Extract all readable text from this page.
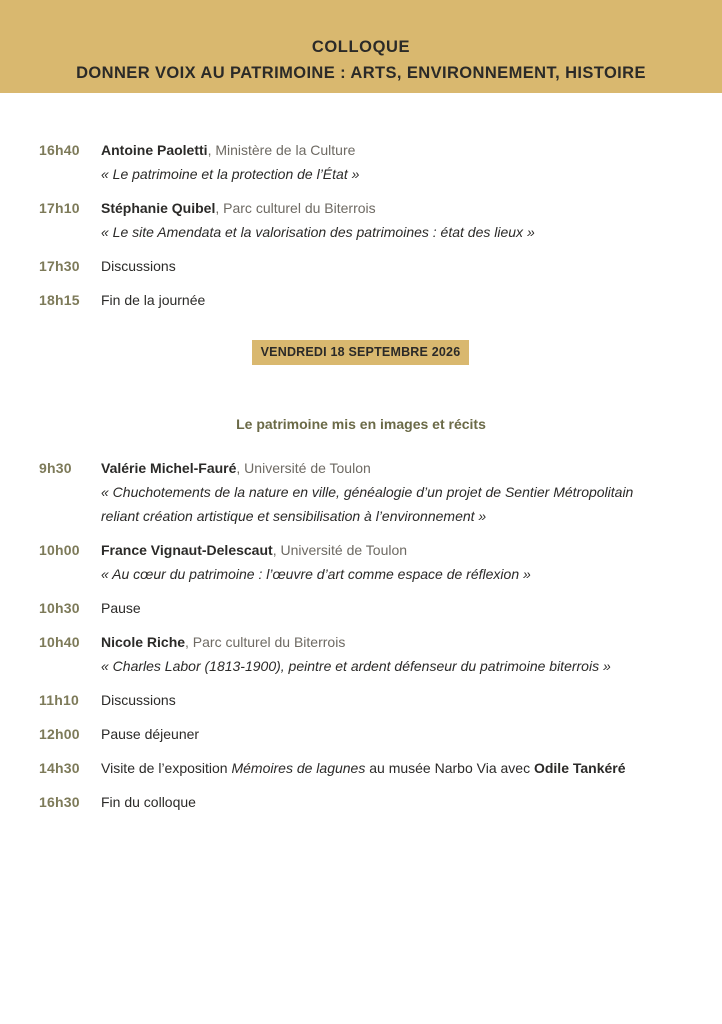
COLLOQUE
DONNER VOIX AU PATRIMOINE : ARTS, ENVIRONNEMENT, HISTOIRE
16h40 Antoine Paoletti, Ministère de la Culture
« Le patrimoine et la protection de l’État »
17h10 Stéphanie Quibel, Parc culturel du Biterrois
« Le site Amendata et la valorisation des patrimoines : état des lieux »
17h30 Discussions
18h15 Fin de la journée
VENDREDI 18 SEPTEMBRE 2026
Le patrimoine mis en images et récits
9h30 Valérie Michel-Fauré, Université de Toulon
« Chuchotements de la nature en ville, généalogie d’un projet de Sentier Métropolitain
reliant création artistique et sensibilisation à l’environnement »
10h00 France Vignaut-Delescaut, Université de Toulon
« Au cœur du patrimoine : l’œuvre d’art comme espace de réflexion »
10h30 Pause
10h40 Nicole Riche, Parc culturel du Biterrois
« Charles Labor (1813-1900), peintre et ardent défenseur du patrimoine biterrois »
11h10 Discussions
12h00 Pause déjeuner
14h30 Visite de l’exposition Mémoires de lagunes au musée Narbo Via avec Odile Tankéré
16h30 Fin du colloque
